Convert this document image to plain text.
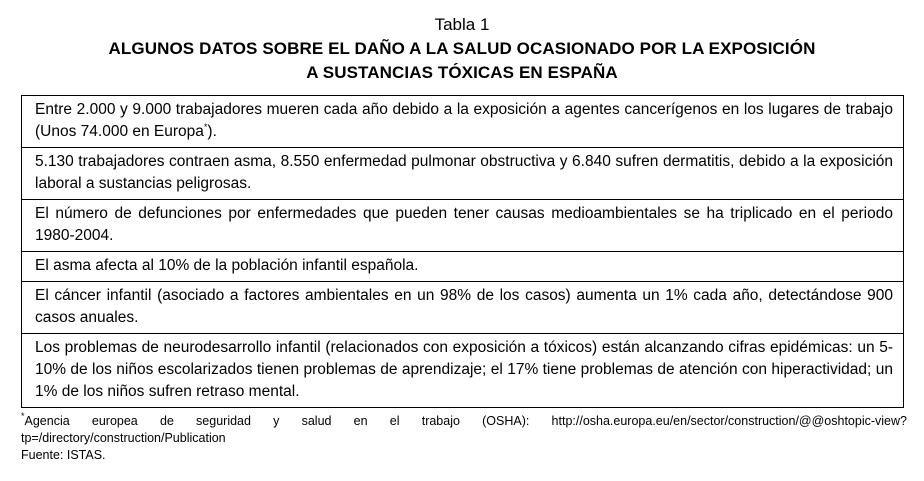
Tabla 1
ALGUNOS DATOS SOBRE EL DAÑO A LA SALUD OCASIONADO POR LA EXPOSICIÓN
A SUSTANCIAS TÓXICAS EN ESPAÑA
Entre 2.000 y 9.000 trabajadores mueren cada año debido a la exposición a agentes cancerígenos en los lugares de trabajo (Unos 74.000 en Europa*).
5.130 trabajadores contraen asma, 8.550 enfermedad pulmonar obstructiva y 6.840 sufren dermatitis, debido a la exposición laboral a sustancias peligrosas.
El número de defunciones por enfermedades que pueden tener causas medioambientales se ha triplicado en el periodo 1980-2004.
El asma afecta al 10% de la población infantil española.
El cáncer infantil (asociado a factores ambientales en un 98% de los casos) aumenta un 1% cada año, detectándose 900 casos anuales.
Los problemas de neurodesarrollo infantil (relacionados con exposición a tóxicos) están alcanzando cifras epidémicas: un 5-10% de los niños escolarizados tienen problemas de aprendizaje; el 17% tiene problemas de atención con hiperactividad; un 1% de los niños sufren retraso mental.
*Agencia europea de seguridad y salud en el trabajo (OSHA): http://osha.europa.eu/en/sector/construction/@@oshtopic-view?tp=/directory/construction/Publication
Fuente: ISTAS.
